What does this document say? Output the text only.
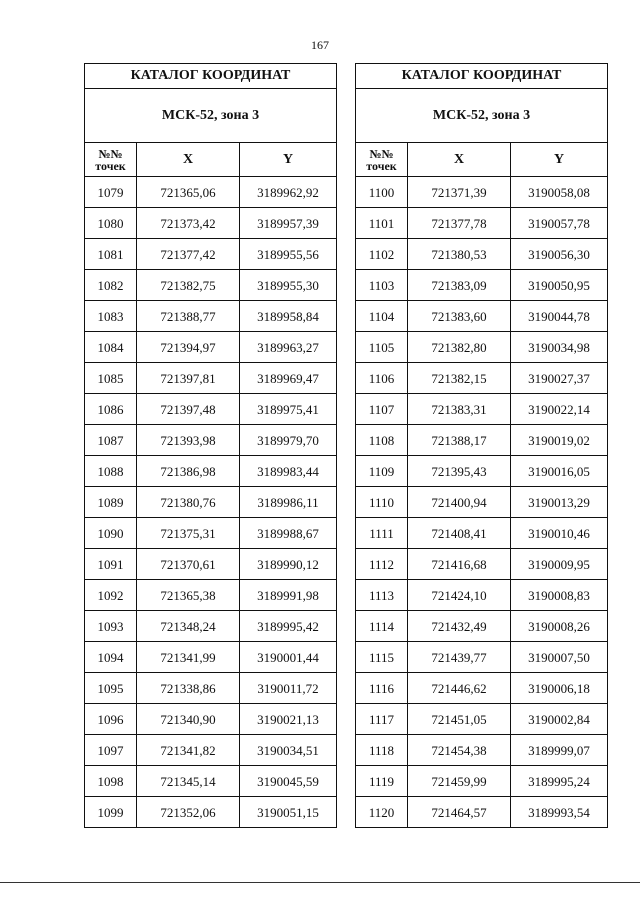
167
КАТАЛОГ КООРДИНАТ		
МСК-52, зона 3		

№№
точек	X	Y
1079	721365,06	3189962,92
1080	721373,42	3189957,39
1081	721377,42	3189955,56
1082	721382,75	3189955,30
1083	721388,77	3189958,84
1084	721394,97	3189963,27
1085	721397,81	3189969,47
1086	721397,48	3189975,41
1087	721393,98	3189979,70
1088	721386,98	3189983,44
1089	721380,76	3189986,11
1090	721375,31	3189988,67
1091	721370,61	3189990,12
1092	721365,38	3189991,98
1093	721348,24	3189995,42
1094	721341,99	3190001,44
1095	721338,86	3190011,72
1096	721340,90	3190021,13
1097	721341,82	3190034,51
1098	721345,14	3190045,59
1099	721352,06	3190051,15
КАТАЛОГ КООРДИНАТ		
МСК-52, зона 3		

№№
точек	X	Y
1100	721371,39	3190058,08
1101	721377,78	3190057,78
1102	721380,53	3190056,30
1103	721383,09	3190050,95
1104	721383,60	3190044,78
1105	721382,80	3190034,98
1106	721382,15	3190027,37
1107	721383,31	3190022,14
1108	721388,17	3190019,02
1109	721395,43	3190016,05
1110	721400,94	3190013,29
1111	721408,41	3190010,46
1112	721416,68	3190009,95
1113	721424,10	3190008,83
1114	721432,49	3190008,26
1115	721439,77	3190007,50
1116	721446,62	3190006,18
1117	721451,05	3190002,84
1118	721454,38	3189999,07
1119	721459,99	3189995,24
1120	721464,57	3189993,54
